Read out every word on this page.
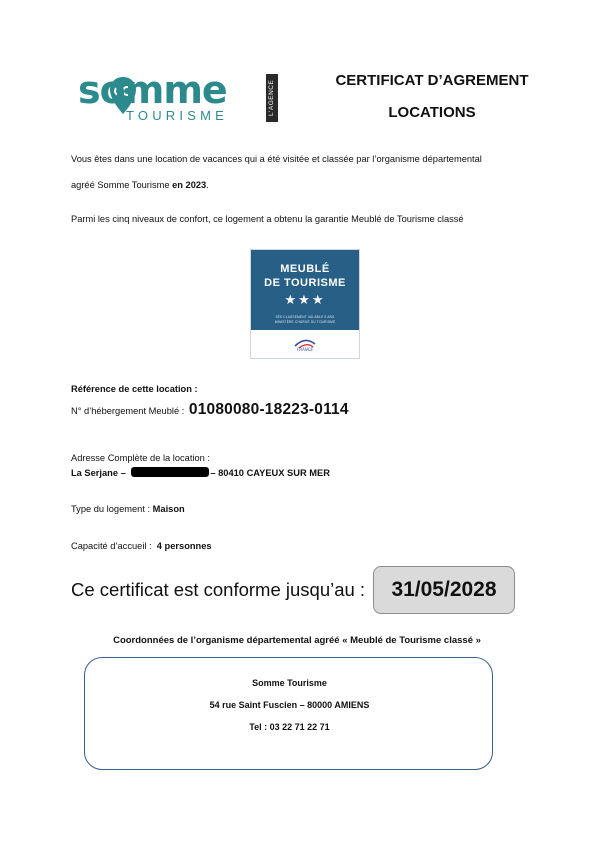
somme
TOURISME	L'AGENCE	CERTIFICAT D’AGREMENT
LOCATIONS
Vous êtes dans une location de vacances qui a été visitée et classée par l’organisme départemental
agréé Somme Tourisme en 2023.
Parmi les cinq niveaux de confort, ce logement a obtenu la garantie Meublé de Tourisme classé
MEUBLÉ
DE TOURISME
★★★
3ÈS CLASSEMENT VALABLE 5 ANS
MINISTÈRE CHARGÉ DU TOURISME
FRANCE
Référence de cette location :
N° d’hébergement Meublé : 01080080-18223-0114
Adresse Complète de la location :
La Serjane –	– 80410 CAYEUX SUR MER
Type du logement : Maison
Capacité d’accueil :  4 personnes
Ce certificat est conforme jusqu’au :	31/05/2028
Coordonnées de l’organisme départemental agréé « Meublé de Tourisme classé »
Somme Tourisme
54 rue Saint Fuscien – 80000 AMIENS
Tel : 03 22 71 22 71
